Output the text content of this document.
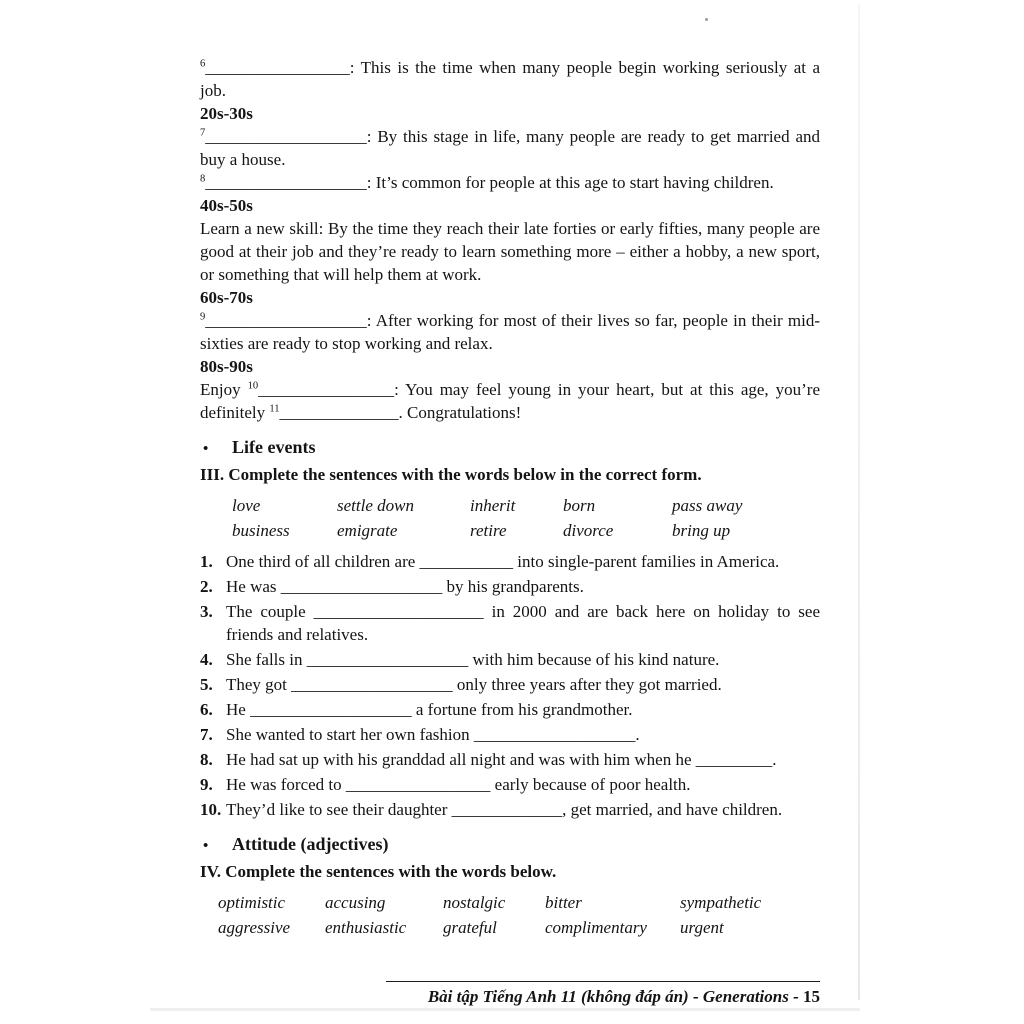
$^6$_________________: This is the time when many people begin working seriously at a job.

20s-30s

$^7$___________________: By this stage in life, many people are ready to get married and buy a house.

$^8$___________________: It’s common for people at this age to start having children.

40s-50s

Learn a new skill: By the time they reach their late forties or early fifties, many people are good at their job and they’re ready to learn something more – either a hobby, a new sport, or something that will help them at work.

60s-70s

$^9$___________________: After working for most of their lives so far, people in their mid-sixties are ready to stop working and relax.

80s-90s

Enjoy $^{10}$________________: You may feel young in your heart, but at this age, you’re definitely $^{11}$______________. Congratulations!

•	Life events

III. Complete the sentences with the words below in the correct form.

love	settle down	inherit	born	pass away
business	emigrate	retire	divorce	bring up
1. One third of all children are ___________ into single-parent families in America.
2. He was ___________________ by his grandparents.
3. The couple ____________________ in 2000 and are back here on holiday to see friends and relatives.
4. She falls in ___________________ with him because of his kind nature.
5. They got ___________________ only three years after they got married.
6. He ___________________ a fortune from his grandmother.
7. She wanted to start her own fashion ___________________.
8. He had sat up with his granddad all night and was with him when he _________.
9. He was forced to _________________ early because of poor health.
10. They’d like to see their daughter _____________, get married, and have children.
•	Attitude (adjectives)

IV. Complete the sentences with the words below.

optimistic	accusing	nostalgic	bitter	sympathetic
aggressive	enthusiastic	grateful	complimentary	urgent
Bài tập Tiếng Anh 11 (không đáp án) - Generations - 15
